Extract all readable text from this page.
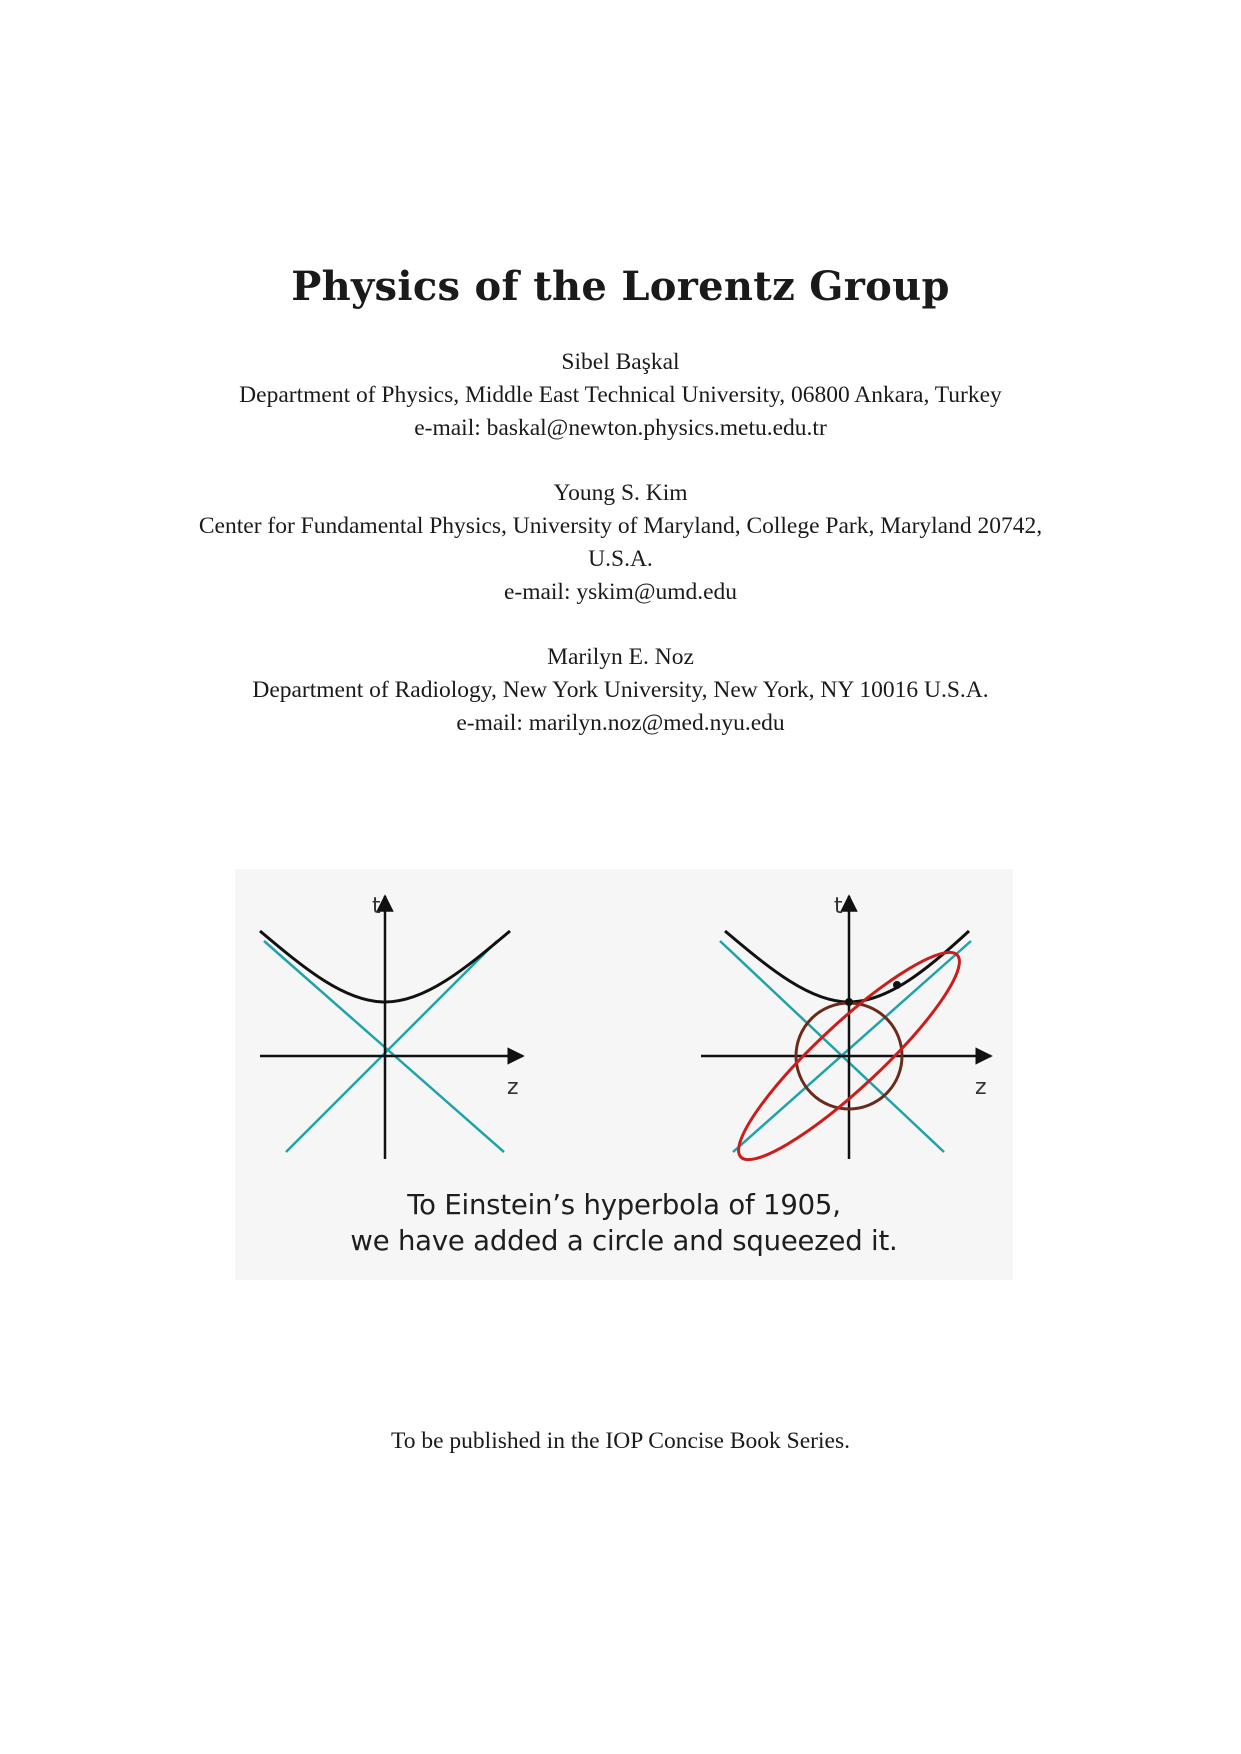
Physics of the Lorentz Group
Sibel Başkal
Department of Physics, Middle East Technical University, 06800 Ankara, Turkey
e-mail: baskal@newton.physics.metu.edu.tr
Young S. Kim
Center for Fundamental Physics, University of Maryland, College Park, Maryland 20742,
U.S.A.
e-mail: yskim@umd.edu
Marilyn E. Noz
Department of Radiology, New York University, New York, NY 10016 U.S.A.
e-mail: marilyn.noz@med.nyu.edu
t
z
t
z
To Einstein’s hyperbola of 1905,
we have added a circle and squeezed it.
To be published in the IOP Concise Book Series.
